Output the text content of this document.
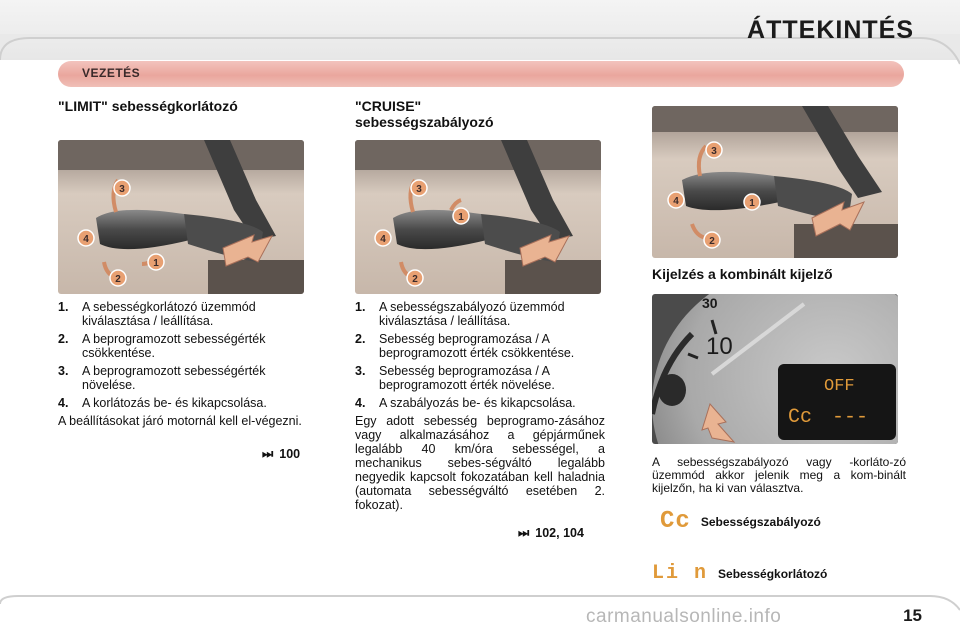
ÁTTEKINTÉS
VEZETÉS
"LIMIT" sebességkorlátozó
3
4
1
2
1.	A sebességkorlátozó üzemmód kiválasztása / leállítása.
2.	A beprogramozott sebességérték csökkentése.
3.	A beprogramozott sebességérték növelése.
4.	A korlátozás be- és kikapcsolása.
A beállításokat járó motornál kell el-végezni.
⏭ 100
"CRUISE"
sebességszabályozó
3
4
1
2
1.	A sebességszabályozó üzemmód kiválasztása / leállítása.
2.	Sebesség beprogramozása / A beprogramozott érték csökkentése.
3.	Sebesség beprogramozása / A beprogramozott érték növelése.
4.	A szabályozás be- és kikapcsolása.
Egy adott sebesség beprogramo-zásához vagy alkalmazásához a gépjárműnek legalább 40 km/óra sebességel, a mechanikus sebes-ségváltó legalább negyedik kapcsolt fokozatában kell haladnia (automata sebességváltó esetében 2. fokozat).
⏭ 102, 104
3
4	1
2
Kijelzés a kombinált kijelző
30
10
OFF
Cc ---
A sebességszabályozó vagy -korláto-zó üzemmód akkor jelenik meg a kom-binált kijelzőn, ha ki van választva.
Cc Sebességszabályozó
Li n Sebességkorlátozó
carmanualsonline.info	15
